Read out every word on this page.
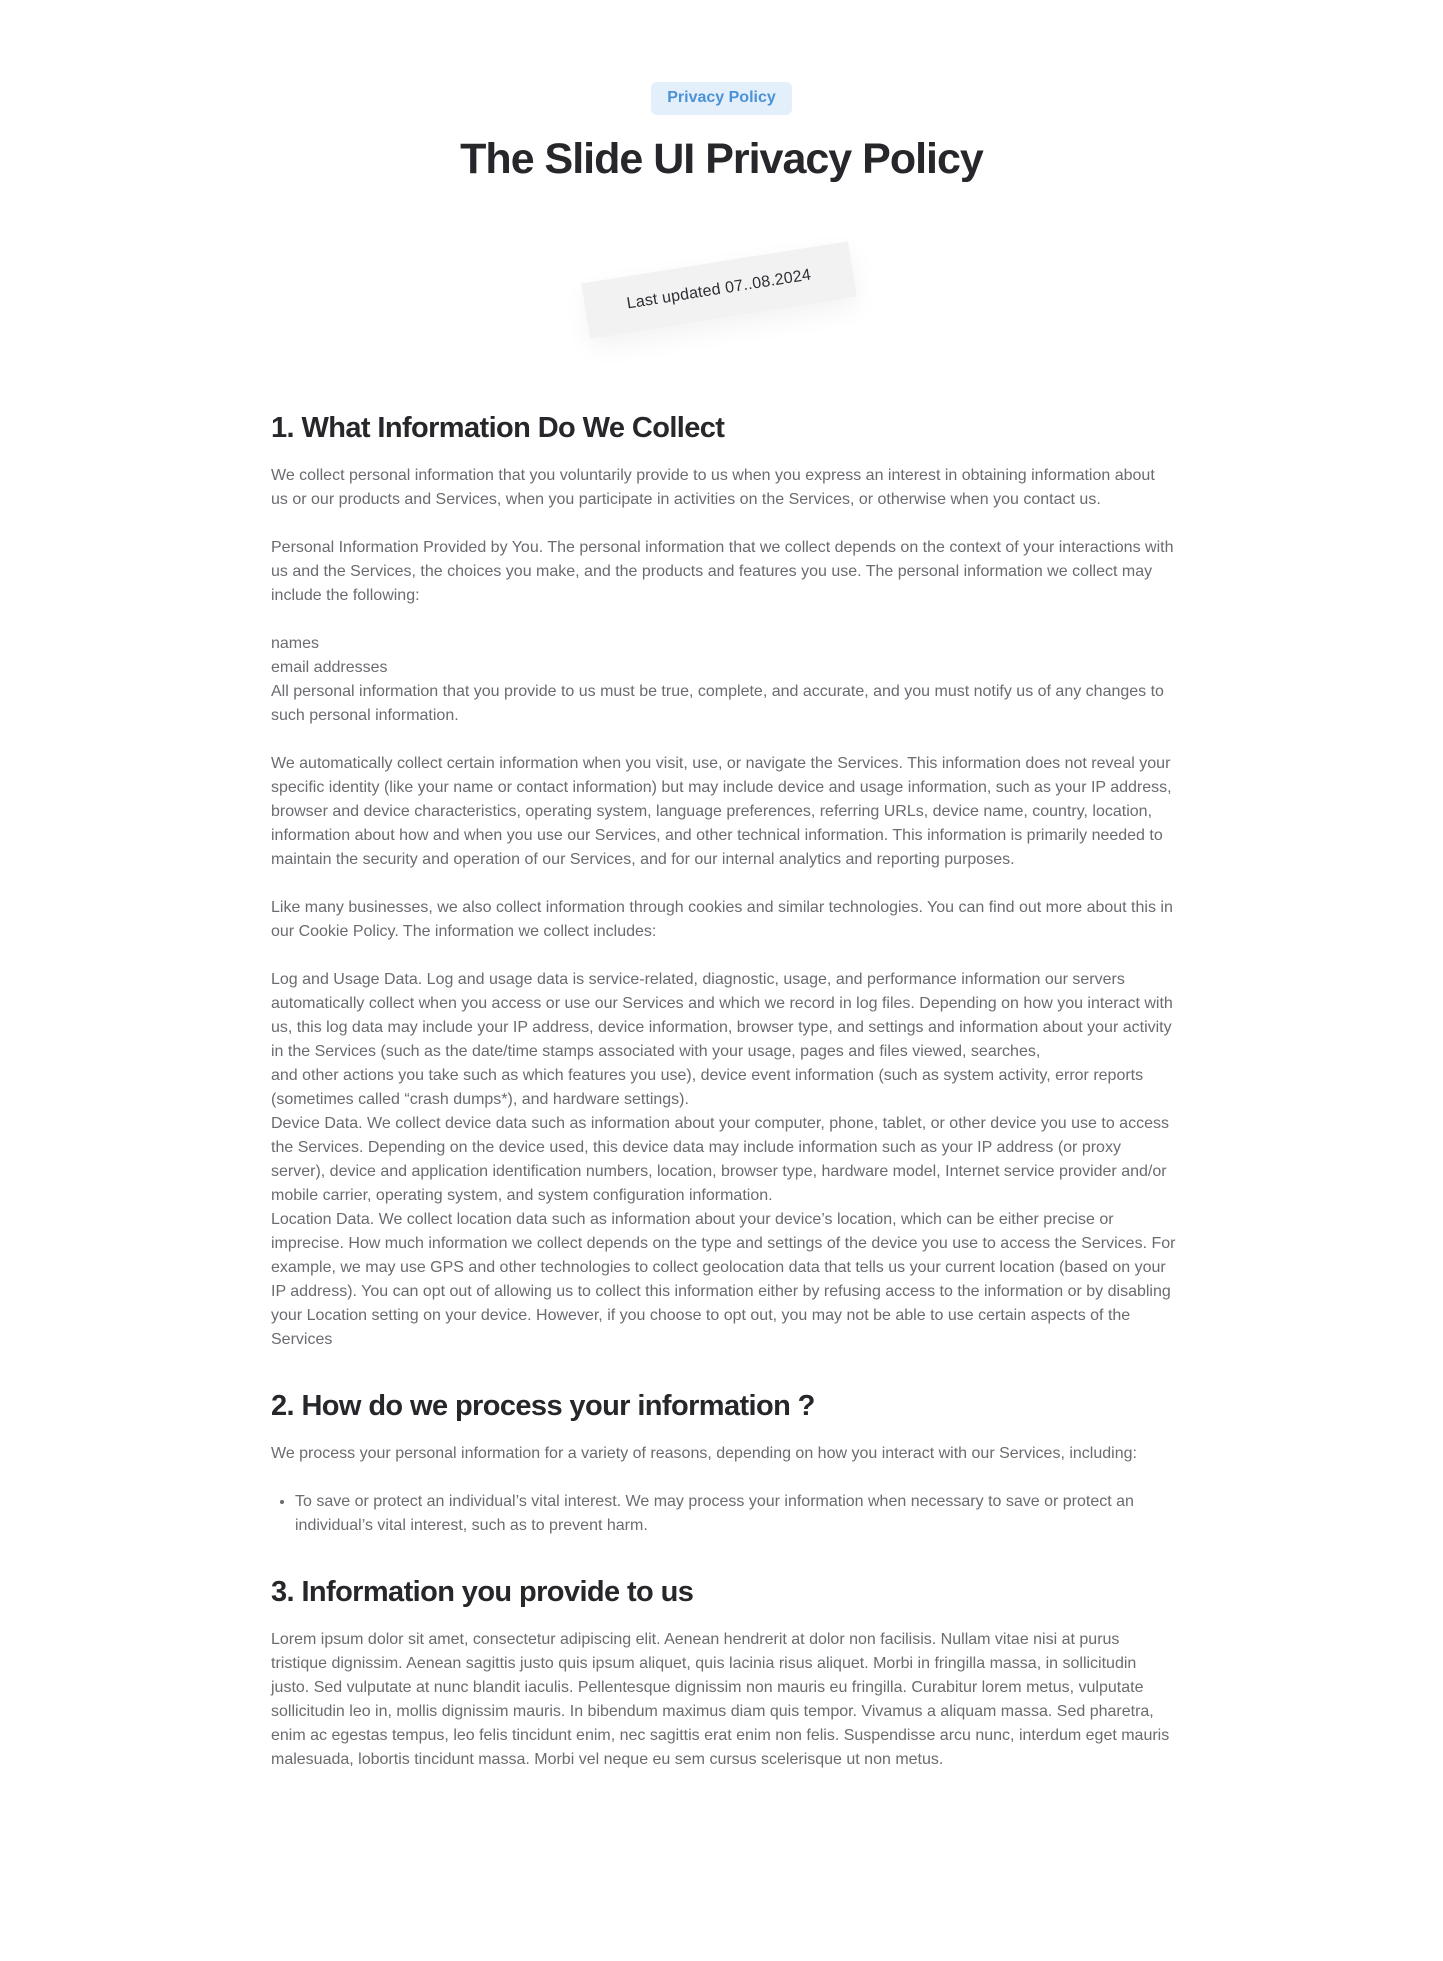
Privacy Policy
The Slide UI Privacy Policy
Last updated 07..08.2024
1. What Information Do We Collect

We collect personal information that you voluntarily provide to us when you express an interest in obtaining information about us or our products and Services, when you participate in activities on the Services, or otherwise when you contact us.

Personal Information Provided by You. The personal information that we collect depends on the context of your interactions with us and the Services, the choices you make, and the products and features you use. The personal information we collect may include the following:

names

email addresses

All personal information that you provide to us must be true, complete, and accurate, and you must notify us of any changes to such personal information.

We automatically collect certain information when you visit, use, or navigate the Services. This information does not reveal your specific identity (like your name or contact information) but may include device and usage information, such as your IP address, browser and device characteristics, operating system, language preferences, referring URLs, device name, country, location, information about how and when you use our Services, and other technical information. This information is primarily needed to maintain the security and operation of our Services, and for our internal analytics and reporting purposes.

Like many businesses, we also collect information through cookies and similar technologies. You can find out more about this in our Cookie Policy. The information we collect includes:

Log and Usage Data. Log and usage data is service-related, diagnostic, usage, and performance information our servers automatically collect when you access or use our Services and which we record in log files. Depending on how you interact with us, this log data may include your IP address, device information, browser type, and settings and information about your activity in the Services (such as the date/time stamps associated with your usage, pages and files viewed, searches,

and other actions you take such as which features you use), device event information (such as system activity, error reports (sometimes called “crash dumps*), and hardware settings).

Device Data. We collect device data such as information about your computer, phone, tablet, or other device you use to access the Services. Depending on the device used, this device data may include information such as your IP address (or proxy server), device and application identification numbers, location, browser type, hardware model, Internet service provider and/or mobile carrier, operating system, and system configuration information.

Location Data. We collect location data such as information about your device’s location, which can be either precise or imprecise. How much information we collect depends on the type and settings of the device you use to access the Services. For example, we may use GPS and other technologies to collect geolocation data that tells us your current location (based on your IP address). You can opt out of allowing us to collect this information either by refusing access to the information or by disabling your Location setting on your device. However, if you choose to opt out, you may not be able to use certain aspects of the Services

2. How do we process your information ?

We process your personal information for a variety of reasons, depending on how you interact with our Services, including:

• To save or protect an individual’s vital interest. We may process your information when necessary to save or protect an individual’s vital interest, such as to prevent harm.
3. Information you provide to us

Lorem ipsum dolor sit amet, consectetur adipiscing elit. Aenean hendrerit at dolor non facilisis. Nullam vitae nisi at purus tristique dignissim. Aenean sagittis justo quis ipsum aliquet, quis lacinia risus aliquet. Morbi in fringilla massa, in sollicitudin justo. Sed vulputate at nunc blandit iaculis. Pellentesque dignissim non mauris eu fringilla. Curabitur lorem metus, vulputate sollicitudin leo in, mollis dignissim mauris. In bibendum maximus diam quis tempor. Vivamus a aliquam massa. Sed pharetra, enim ac egestas tempus, leo felis tincidunt enim, nec sagittis erat enim non felis. Suspendisse arcu nunc, interdum eget mauris malesuada, lobortis tincidunt massa. Morbi vel neque eu sem cursus scelerisque ut non metus.
